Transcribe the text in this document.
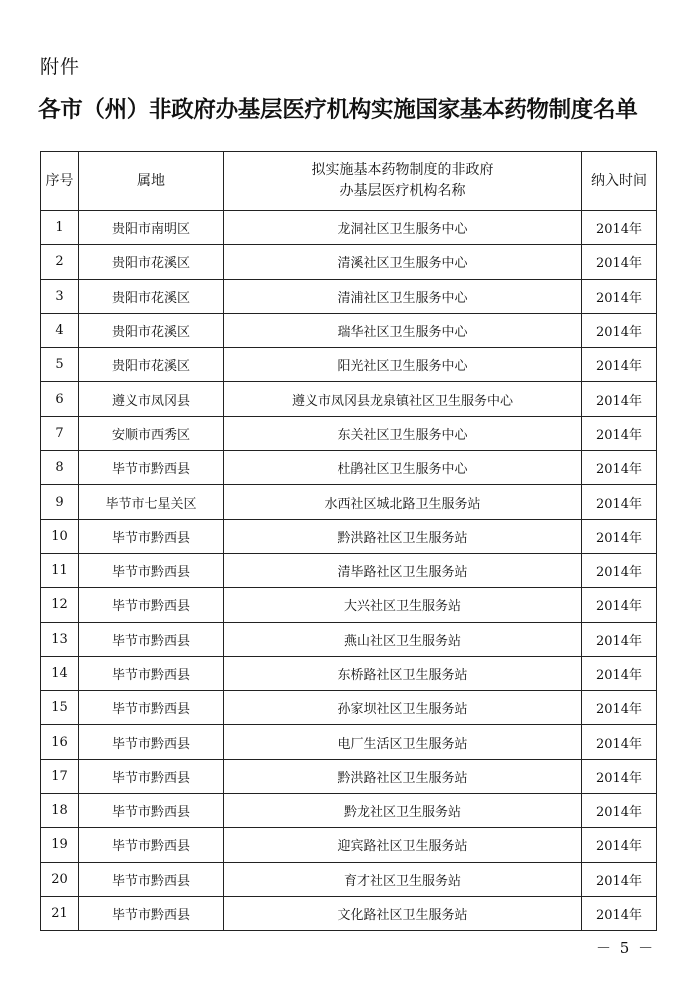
附件
各市（州）非政府办基层医疗机构实施国家基本药物制度名单
序号	属地	拟实施基本药物制度的非政府
办基层医疗机构名称	纳入时间
1	贵阳市南明区	龙洞社区卫生服务中心	2014年
2	贵阳市花溪区	清溪社区卫生服务中心	2014年
3	贵阳市花溪区	清浦社区卫生服务中心	2014年
4	贵阳市花溪区	瑞华社区卫生服务中心	2014年
5	贵阳市花溪区	阳光社区卫生服务中心	2014年
6	遵义市凤冈县	遵义市凤冈县龙泉镇社区卫生服务中心	2014年
7	安顺市西秀区	东关社区卫生服务中心	2014年
8	毕节市黔西县	杜鹃社区卫生服务中心	2014年
9	毕节市七星关区	水西社区城北路卫生服务站	2014年
10	毕节市黔西县	黔洪路社区卫生服务站	2014年
11	毕节市黔西县	清毕路社区卫生服务站	2014年
12	毕节市黔西县	大兴社区卫生服务站	2014年
13	毕节市黔西县	燕山社区卫生服务站	2014年
14	毕节市黔西县	东桥路社区卫生服务站	2014年
15	毕节市黔西县	孙家坝社区卫生服务站	2014年
16	毕节市黔西县	电厂生活区卫生服务站	2014年
17	毕节市黔西县	黔洪路社区卫生服务站	2014年
18	毕节市黔西县	黔龙社区卫生服务站	2014年
19	毕节市黔西县	迎宾路社区卫生服务站	2014年
20	毕节市黔西县	育才社区卫生服务站	2014年
21	毕节市黔西县	文化路社区卫生服务站	2014年
－ 5 －
